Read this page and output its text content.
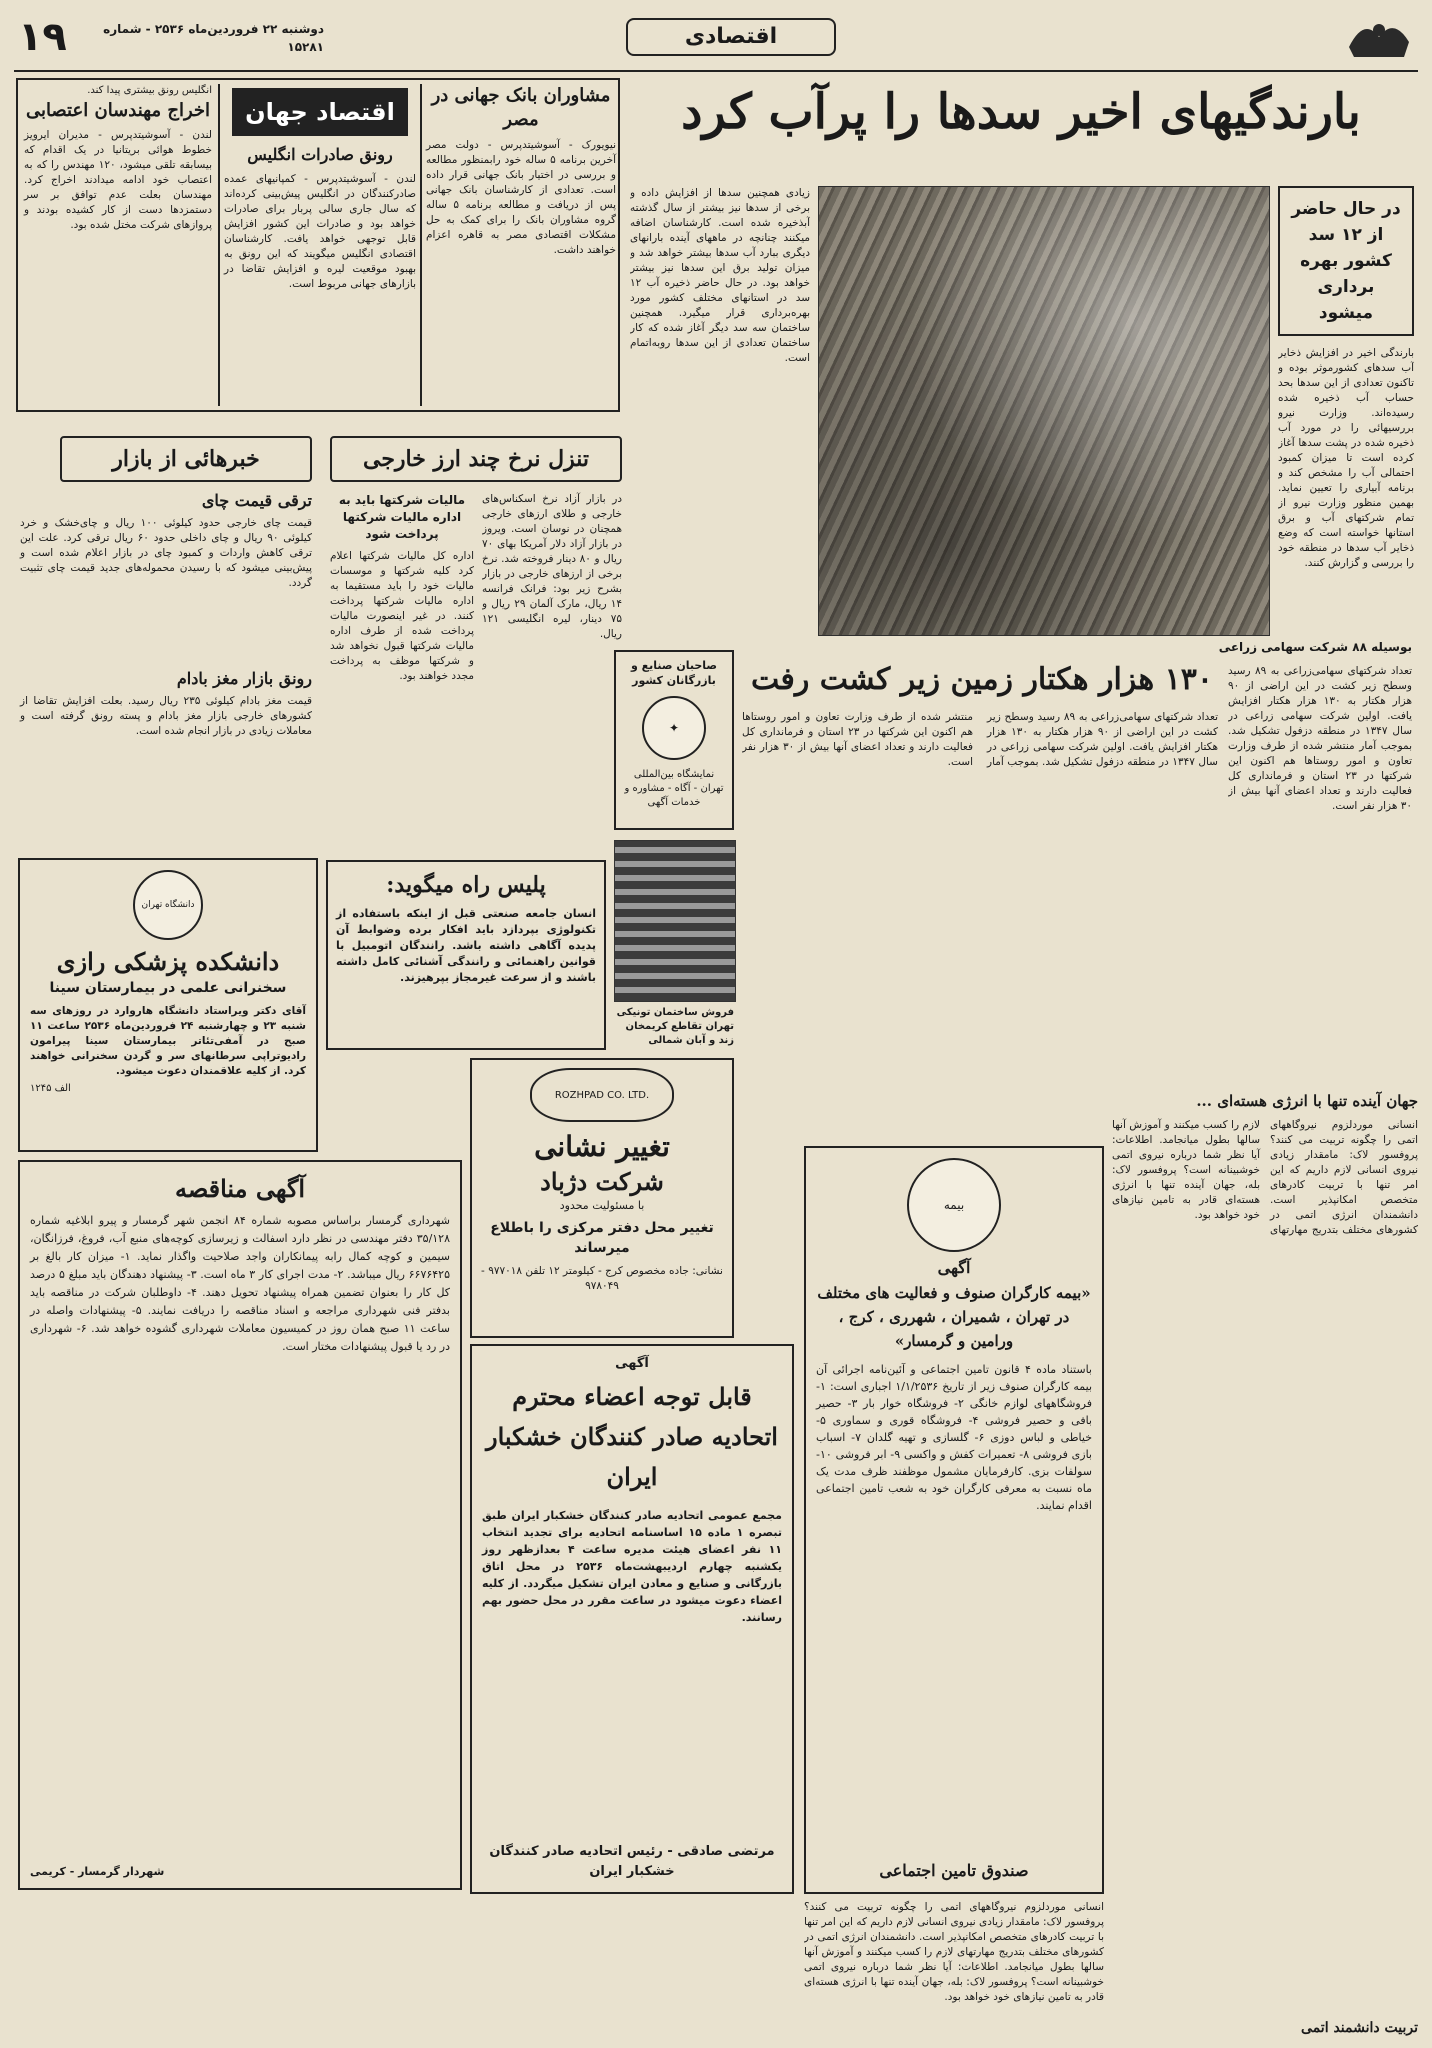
۱۹	دوشنبه ۲۲ فروردین‌ماه ۲۵۳۶ - شماره ۱۵۲۸۱	اقتصادی
مشاوران بانک جهانی در مصر
نیویورک - آسوشیتدپرس - دولت مصر آخرین برنامه ۵ ساله خود رابمنظور مطالعه و بررسی در اختیار بانک جهانی قرار داده است. تعدادی از کارشناسان بانک جهانی پس از دریافت و مطالعه برنامه ۵ ساله گروه مشاوران بانک را برای کمک به حل مشکلات اقتصادی مصر به قاهره اعزام خواهند داشت.
اقتصاد جهان
رونق صادرات انگلیس
لندن - آسوشیتدپرس - کمپانیهای عمده صادرکنندگان در انگلیس پیش‌بینی کرده‌اند که سال جاری سالی پربار برای صادرات خواهد بود و صادرات این کشور افزایش قابل توجهی خواهد یافت. کارشناسان اقتصادی انگلیس میگویند که این رونق به بهبود موقعیت لیره و افزایش تقاضا در بازارهای جهانی مربوط است.
انگلیس رونق بیشتری پیدا کند.
اخراج مهندسان اعتصابی
لندن - آسوشیتدپرس - مدیران ایرویز خطوط هوائی بریتانیا در یک اقدام که بیسابقه تلقی میشود، ۱۲۰ مهندس را که به اعتصاب خود ادامه میدادند اخراج کرد. مهندسان بعلت عدم توافق بر سر دستمزدها دست از کار کشیده بودند و پروازهای شرکت مختل شده بود.
بارندگیهای اخیر سدها را پرآب کرد
در حال حاضر از ۱۲ سد کشور بهره برداری میشود
بارندگی اخیر در افزایش ذخایر آب سدهای کشورموثر بوده و تاکنون تعدادی از این سدها بحد حساب آب ذخیره شده رسیده‌اند. وزارت نیرو بررسیهائی را در مورد آب ذخیره شده در پشت سدها آغاز کرده است تا میزان کمبود احتمالی آب را مشخص کند و برنامه آبیاری را تعیین نماید. بهمین منظور وزارت نیرو از تمام شرکتهای آب و برق استانها خواسته است که وضع ذخایر آب سدها در منطقه خود را بررسی و گزارش کنند.
زیادی همچنین سدها از افزایش داده و برخی از سدها نیز بیشتر از سال گذشته آبذخیره شده است. کارشناسان اضافه میکنند چنانچه در ماههای آینده بارانهای دیگری ببارد آب سدها بیشتر خواهد شد و میزان تولید برق این سدها نیز بیشتر خواهد بود. در حال حاضر ذخیره آب ۱۲ سد در استانهای مختلف کشور مورد بهره‌برداری قرار میگیرد. همچنین ساختمان سه سد دیگر آغاز شده که کار ساختمان تعدادی از این سدها روبه‌اتمام است.
تنزل نرخ چند ارز خارجی
در بازار آزاد نرخ اسکناس‌های خارجی و طلای ارزهای خارجی همچنان در نوسان است. ویروز در بازار آزاد دلار آمریکا بهای ۷۰ ریال و ۸۰ دینار فروخته شد. نرخ برخی از ارزهای خارجی در بازار بشرح زیر بود: فرانک فرانسه ۱۴ ریال، مارک آلمان ۲۹ ریال و ۷۵ دینار، لیره انگلیسی ۱۲۱ ریال.
مالیات شرکتها باید به اداره مالیات شرکتها پرداخت شود
اداره کل مالیات شرکتها اعلام کرد کلیه شرکتها و موسسات مالیات خود را باید مستقیما به اداره مالیات شرکتها پرداخت کنند. در غیر اینصورت مالیات پرداخت شده از طرف اداره مالیات شرکتها قبول نخواهد شد و شرکتها موظف به پرداخت مجدد خواهند بود.
صاحبان صنایع و بازرگانان کشور
✦
نمایشگاه بین‌المللی تهران - آگاه - مشاوره و خدمات آگهی
خبرهائی از بازار
ترقی قیمت چای
قیمت چای خارجی حدود کیلوئی ۱۰۰ ریال و چای‌خشک و خرد کیلوئی ۹۰ ریال و چای داخلی حدود ۶۰ ریال ترقی کرد. علت این ترقی کاهش واردات و کمبود چای در بازار اعلام شده است و پیش‌بینی میشود که با رسیدن محموله‌های جدید قیمت چای تثبیت گردد.
رونق بازار مغز بادام
قیمت مغز بادام کیلوئی ۲۳۵ ریال رسید. بعلت افزایش تقاضا از کشورهای خارجی بازار مغز بادام و پسته رونق گرفته است و معاملات زیادی در بازار انجام شده است.
بوسیله ۸۸ شرکت سهامی زراعی
۱۳۰ هزار هکتار زمین زیر کشت رفت	تعداد شرکتهای سهامی‌زراعی به ۸۹ رسید وسطح زیر کشت در این اراضی از ۹۰ هزار هکتار به ۱۳۰ هزار هکتار افزایش یافت. اولین شرکت سهامی زراعی در سال ۱۳۴۷ در منطقه دزفول تشکیل شد. بموجب آمار منتشر شده از طرف وزارت تعاون و امور روستاها هم اکنون این شرکتها در ۲۳ استان و فرمانداری کل فعالیت دارند و تعداد اعضای آنها بیش از ۳۰ هزار نفر است.
تعداد شرکتهای سهامی‌زراعی به ۸۹ رسید وسطح زیر کشت در این اراضی از ۹۰ هزار هکتار به ۱۳۰ هزار هکتار افزایش یافت. اولین شرکت سهامی زراعی در سال ۱۳۴۷ در منطقه دزفول تشکیل شد. بموجب آمار منتشر شده از طرف وزارت تعاون و امور روستاها هم اکنون این شرکتها در ۲۳ استان و فرمانداری کل فعالیت دارند و تعداد اعضای آنها بیش از ۳۰ هزار نفر است.
فروش ساختمان تونیکی تهران تقاطع کریمخان زند و آبان شمالی
پلیس راه میگوید:
انسان جامعه صنعتی قبل از اینکه باستفاده از تکنولوژی بپردازد باید افکار برده وضوابط آن پدیده آگاهی داشته باشد. رانندگان اتومبیل با قوانین راهنمائی و رانندگی آشنائی کامل داشته باشند و از سرعت غیرمجاز بپرهیزند.
دانشگاه تهران
دانشکده پزشکی رازی
سخنرانی علمی در بیمارستان سینا
آقای دکتر ویراستاد دانشگاه هاروارد در روزهای سه شنبه ۲۳ و چهارشنبه ۲۴ فروردین‌ماه ۲۵۳۶ ساعت ۱۱ صبح در آمفی‌تئاتر بیمارستان سینا پیرامون رادیوتراپی سرطانهای سر و گردن سخنرانی خواهند کرد. از کلیه علاقمندان دعوت میشود.
الف ۱۲۴۵
ROZHPAD CO. LTD.
تغییر نشانی
شرکت دژباد
با مسئولیت محدود
تغییر محل دفتر مرکزی را باطلاع میرساند
نشانی: جاده مخصوص کرج - کیلومتر ۱۲ تلفن ۹۷۷۰۱۸ - ۹۷۸۰۴۹
آگهی مناقصه
شهرداری گرمسار براساس مصوبه شماره ۸۴ انجمن شهر گرمسار و پیرو ابلاغیه شماره ۳۵/۱۲۸ دفتر مهندسی در نظر دارد اسفالت و زیرسازی کوچه‌های منبع آب، فروغ، فرزانگان، سیمین و کوچه کمال رابه پیمانکاران واجد صلاحیت واگذار نماید. ۱- میزان کار بالغ بر ۶۶۷۶۴۲۵ ریال میباشد. ۲- مدت اجرای کار ۳ ماه است. ۳- پیشنهاد دهندگان باید مبلغ ۵ درصد کل کار را بعنوان تضمین همراه پیشنهاد تحویل دهند. ۴- داوطلبان شرکت در مناقصه باید بدفتر فنی شهرداری مراجعه و اسناد مناقصه را دریافت نمایند. ۵- پیشنهادات واصله در ساعت ۱۱ صبح همان روز در کمیسیون معاملات شهرداری گشوده خواهد شد. ۶- شهرداری در رد یا قبول پیشنهادات مختار است.
شهردار گرمسار - کریمی
آگهی
قابل توجه اعضاء محترم اتحادیه صادر کنندگان خشکبار ایران
مجمع عمومی اتحادیه صادر کنندگان خشکبار ایران طبق تبصره ۱ ماده ۱۵ اساسنامه اتحادیه برای تجدید انتخاب ۱۱ نفر اعضای هیئت مدیره ساعت ۴ بعدازظهر روز یکشنبه چهارم اردیبهشت‌ماه ۲۵۳۶ در محل اتاق بازرگانی و صنایع و معادن ایران تشکیل میگردد. از کلیه اعضاء دعوت میشود در ساعت مقرر در محل حضور بهم رسانند.
مرتضی صادقی - رئیس اتحادیه صادر کنندگان خشکبار ایران
بیمه
آگهی
«بیمه کارگران صنوف و فعالیت های مختلف در تهران ، شمیران ، شهرری ، کرج ، ورامین و گرمسار»
باستناد ماده ۴ قانون تامین اجتماعی و آئین‌نامه اجرائی آن بیمه کارگران صنوف زیر از تاریخ ۱/۱/۲۵۳۶ اجباری است: ۱- فروشگاههای لوازم خانگی ۲- فروشگاه خوار بار ۳- حصیر بافی و حصیر فروشی ۴- فروشگاه قوری و سماوری ۵- خیاطی و لباس دوزی ۶- گلسازی و تهیه گلدان ۷- اسباب بازی فروشی ۸- تعمیرات کفش و واکسی ۹- ابر فروشی ۱۰- سولفات بزی. کارفرمایان مشمول موظفند ظرف مدت یک ماه نسبت به معرفی کارگران خود به شعب تامین اجتماعی اقدام نمایند.
صندوق تامین اجتماعی
جهان آینده تنها با انرژی هسته‌ای ...
انسانی موردلزوم نیروگاههای اتمی را چگونه تربیت می کنند؟ پروفسور لاک: مامقدار زیادی نیروی انسانی لازم داریم که این امر تنها با تربیت کادرهای متخصص امکانپذیر است. دانشمندان انرژی اتمی در کشورهای مختلف بتدریج مهارتهای لازم را کسب میکنند و آموزش آنها سالها بطول میانجامد. اطلاعات: آیا نظر شما درباره نیروی اتمی خوشبینانه است؟ پروفسور لاک: بله، جهان آینده تنها با انرژی هسته‌ای قادر به تامین نیازهای خود خواهد بود.
تربیت دانشمند اتمی
انسانی موردلزوم نیروگاههای اتمی را چگونه تربیت می کنند؟ پروفسور لاک: مامقدار زیادی نیروی انسانی لازم داریم که این امر تنها با تربیت کادرهای متخصص امکانپذیر است. دانشمندان انرژی اتمی در کشورهای مختلف بتدریج مهارتهای لازم را کسب میکنند و آموزش آنها سالها بطول میانجامد. اطلاعات: آیا نظر شما درباره نیروی اتمی خوشبینانه است؟ پروفسور لاک: بله، جهان آینده تنها با انرژی هسته‌ای قادر به تامین نیازهای خود خواهد بود.
